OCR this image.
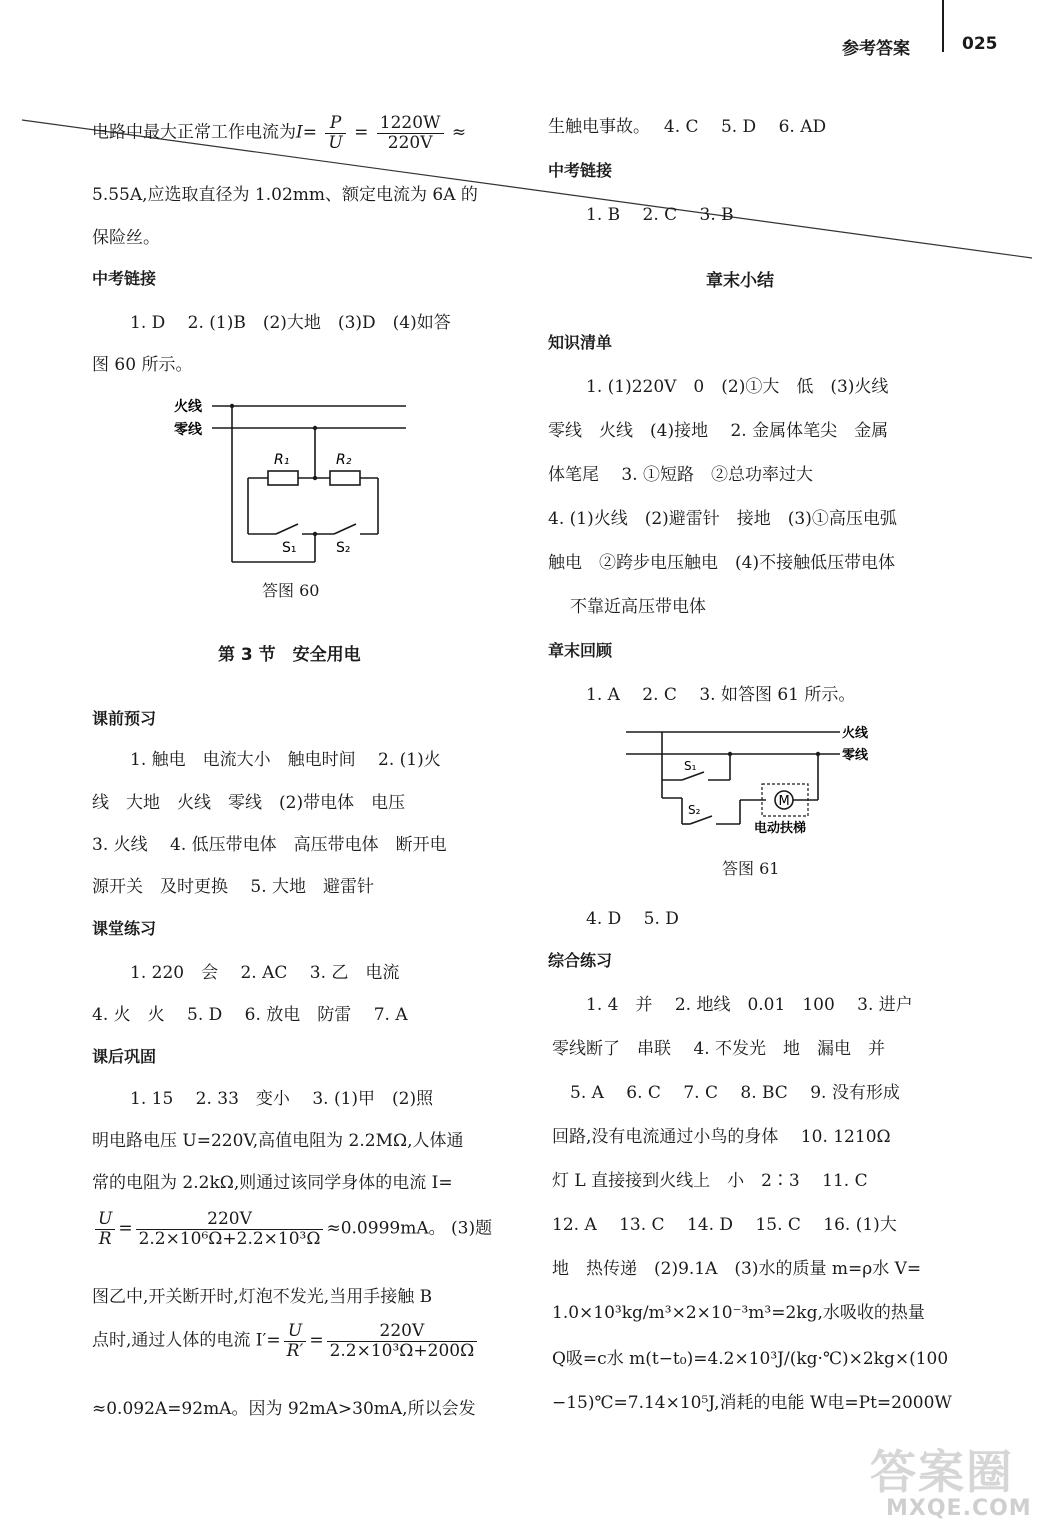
参考答案	025
电路中最大正常工作电流为$I= \frac{P}{U} = \frac{1220W}{220V}$ ≈
5.55A,应选取直径为 1.02mm、额定电流为 6A 的
保险丝。
中考链接
1. D　 2. (1)B　(2)大地　(3)D　(4)如答
图 60 所示。
火线
零线
R₁	R₂
S₁	S₂
答图 60
第 3 节　安全用电
课前预习
1. 触电　电流大小　触电时间　 2. (1)火
线　大地　火线　零线　(2)带电体　电压
3. 火线　 4. 低压带电体　高压带电体　断开电
源开关　及时更换　 5. 大地　避雷针
课堂练习
1. 220　会　 2. AC　 3. 乙　电流
4. 火　火　 5. D　 6. 放电　防雷　 7. A
课后巩固
1. 15　 2. 33　变小　 3. (1)甲　(2)照
明电路电压 U=220V,高值电阻为 2.2MΩ,人体通
常的电阻为 2.2kΩ,则通过该同学身体的电流 I=
$\frac{U}{R} = \frac{220V}{\text{2.2×10⁶Ω+2.2×10³Ω}} \approx 0.0999mA$。 (3)题
图乙中,开关断开时,灯泡不发光,当用手接触 B
点时,通过人体的电流 $I'= \frac{U}{R'} = \frac{220V}{\text{2.2×10³Ω+200Ω}}$
≈0.092A=92mA。因为 92mA>30mA,所以会发
生触电事故。　 4. C　 5. D　 6. AD
中考链接
1. B　 2. C　 3. B
章末小结
知识清单
1. (1)220V　0　(2)①大　低　(3)火线
零线　火线　(4)接地　 2. 金属体笔尖　金属
体笔尾　 3. ①短路　②总功率过大
4. (1)火线　(2)避雷针　接地　(3)①高压电弧
触电　②跨步电压触电　(4)不接触低压带电体
不靠近高压带电体
章末回顾
1. A　 2. C　 3. 如答图 61 所示。
M
火线
零线
S₁
S₂
电动扶梯
答图 61
4. D　 5. D
综合练习
1. 4　并　 2. 地线　0.01　100　 3. 进户
零线断了　串联　 4. 不发光　地　漏电　并
5. A　 6. C　 7. C　 8. BC　 9. 没有形成
回路,没有电流通过小鸟的身体　 10. 1210Ω
灯 L 直接接到火线上　小　2∶3　 11. C
12. A　 13. C　 14. D　 15. C　 16. (1)大
地　热传递　(2)9.1A　(3)水的质量 m=ρ水 V=
1.0×10³kg/m³×2×10⁻³m³=2kg,水吸收的热量
Q吸=c水 m(t−t₀)=4.2×10³J/(kg·℃)×2kg×(100
−15)℃=7.14×10⁵J,消耗的电能 W电=Pt=2000W
答案圈
MXQE.COM
